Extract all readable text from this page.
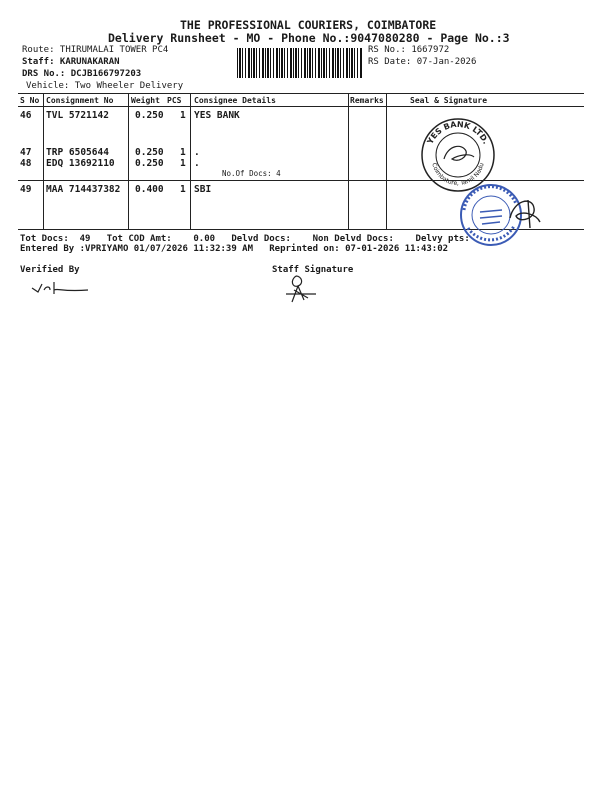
THE PROFESSIONAL COURIERS, COIMBATORE
Delivery Runsheet - MO - Phone No.:9047080280 - Page No.:3
Route: THIRUMALAI TOWER PC4
Staff: KARUNAKARAN
DRS No.: DCJB166797203
Vehicle: Two Wheeler Delivery
RS No.: 1667972
RS Date: 07-Jan-2026
S No Consignment No Weight PCS Consignee Details	Remarks	Seal & Signature
46 TVL 5721142	0.250 1 YES BANK
47 TRP 6505644	0.250 1 .
48 EDQ 13692110 0.250 1 .
No.Of Docs: 4
49 MAA 714437382 0.400 1 SBI
YES BANK LTD.
Coimbatore, Tamil Nadu
Tot Docs:  49   Tot COD Amt:    0.00   Delvd Docs:    Non Delvd Docs:    Delvy pts:
Entered By :VPRIYAMO 01/07/2026 11:32:39 AM   Reprinted on: 07-01-2026 11:43:02
Verified By	Staff Signature
